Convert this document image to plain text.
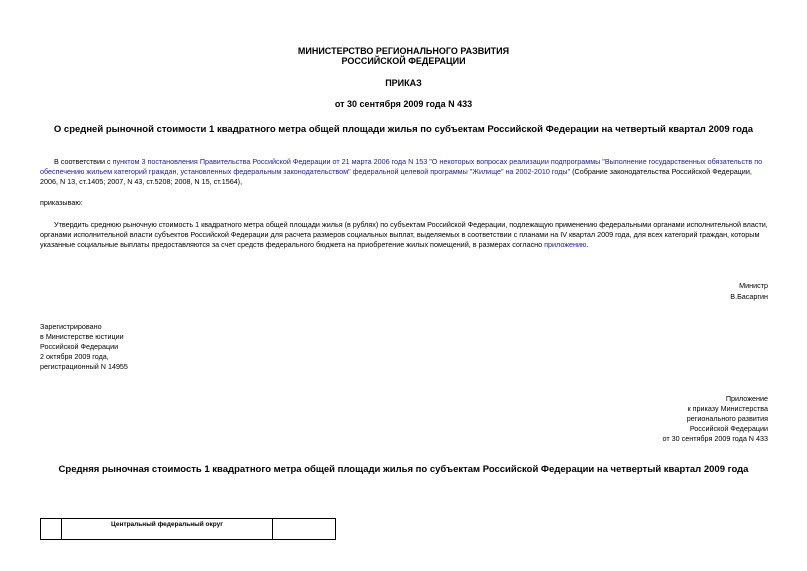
МИНИСТЕРСТВО РЕГИОНАЛЬНОГО РАЗВИТИЯ
РОССИЙСКОЙ ФЕДЕРАЦИИ
ПРИКАЗ
от 30 сентября 2009 года N 433
О средней рыночной стоимости 1 квадратного метра общей площади жилья по субъектам Российской Федерации на четвертый квартал 2009 года
В соответствии с пунктом 3 постановления Правительства Российской Федерации от 21 марта 2006 года N 153 "О некоторых вопросах реализации подпрограммы "Выполнение государственных обязательств по обеспечению жильем категорий граждан, установленных федеральным законодательством" федеральной целевой программы "Жилище" на 2002-2010 годы" (Собрание законодательства Российской Федерации, 2006, N 13, ст.1405; 2007, N 43, ст.5208; 2008, N 15, ст.1564),
приказываю:
Утвердить среднюю рыночную стоимость 1 квадратного метра общей площади жилья (в рублях) по субъектам Российской Федерации, подлежащую применению федеральными органами исполнительной власти, органами исполнительной власти субъектов Российской Федерации для расчета размеров социальных выплат, выделяемых в соответствии с планами на IV квартал 2009 года, для всех категорий граждан, которым указанные социальные выплаты предоставляются за счет средств федерального бюджета на приобретение жилых помещений, в размерах согласно приложению.
Министр
В.Басаргин
Зарегистрировано
в Министерстве юстиции
Российской Федерации
2 октября 2009 года,
регистрационный N 14955
Приложение
к приказу Министерства
регионального развития
Российской Федерации
от 30 сентября 2009 года N 433
Средняя рыночная стоимость 1 квадратного метра общей площади жилья по субъектам Российской Федерации на четвертый квартал 2009 года
	Центральный федеральный округ	
